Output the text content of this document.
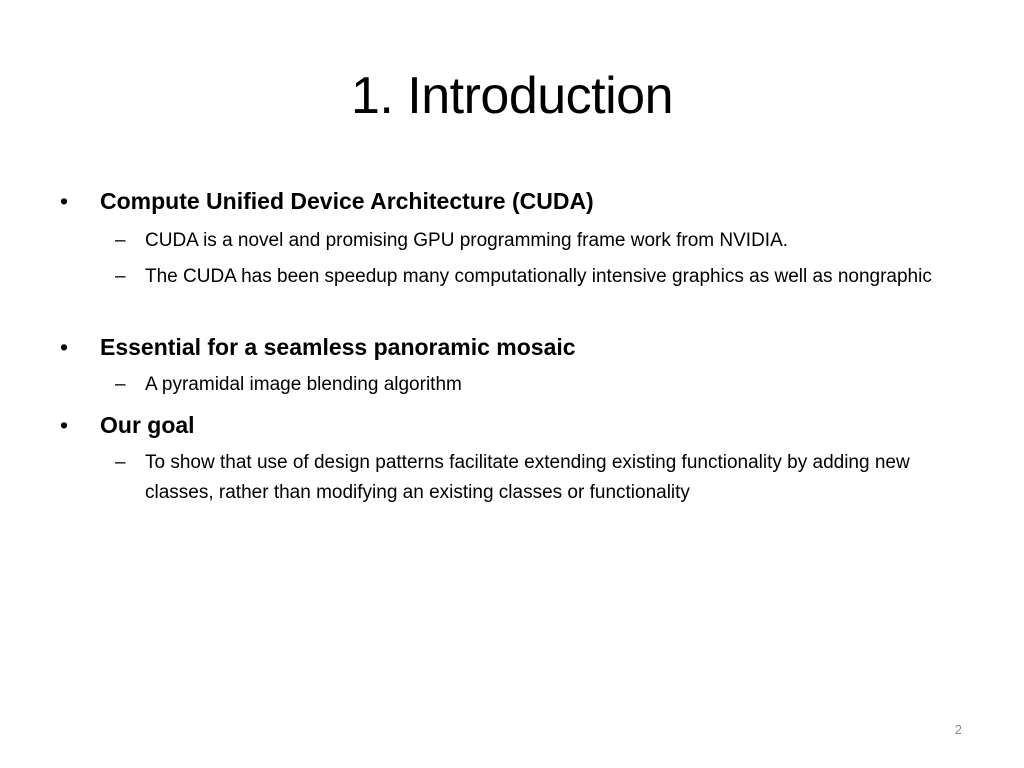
1. Introduction
• Compute Unified Device Architecture (CUDA)
– CUDA is a novel and promising GPU programming frame work from NVIDIA.
– The CUDA has been speedup many computationally intensive graphics as well as nongraphic
• Essential for a seamless panoramic mosaic
– A pyramidal image blending algorithm
• Our goal
– To show that use of design patterns facilitate extending existing functionality by adding new classes, rather than modifying an existing classes or functionality
2
